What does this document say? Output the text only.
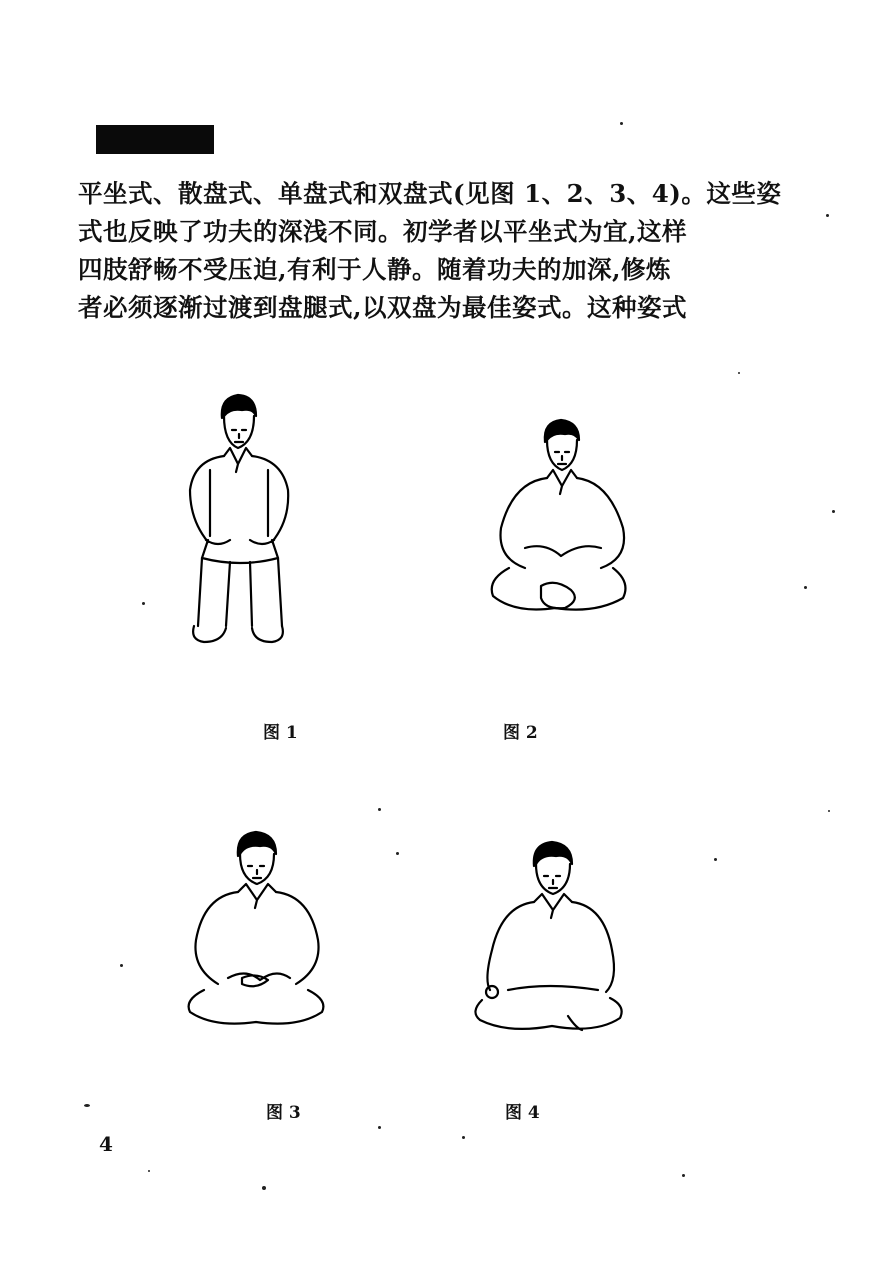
平坐式、散盘式、单盘式和双盘式(见图 1、2、3、4)。这些姿
式也反映了功夫的深浅不同。初学者以平坐式为宜,这样
四肢舒畅不受压迫,有利于人静。随着功夫的加深,修炼
者必须逐渐过渡到盘腿式,以双盘为最佳姿式。这种姿式
图 1	图 2
图 3	图 4
4
